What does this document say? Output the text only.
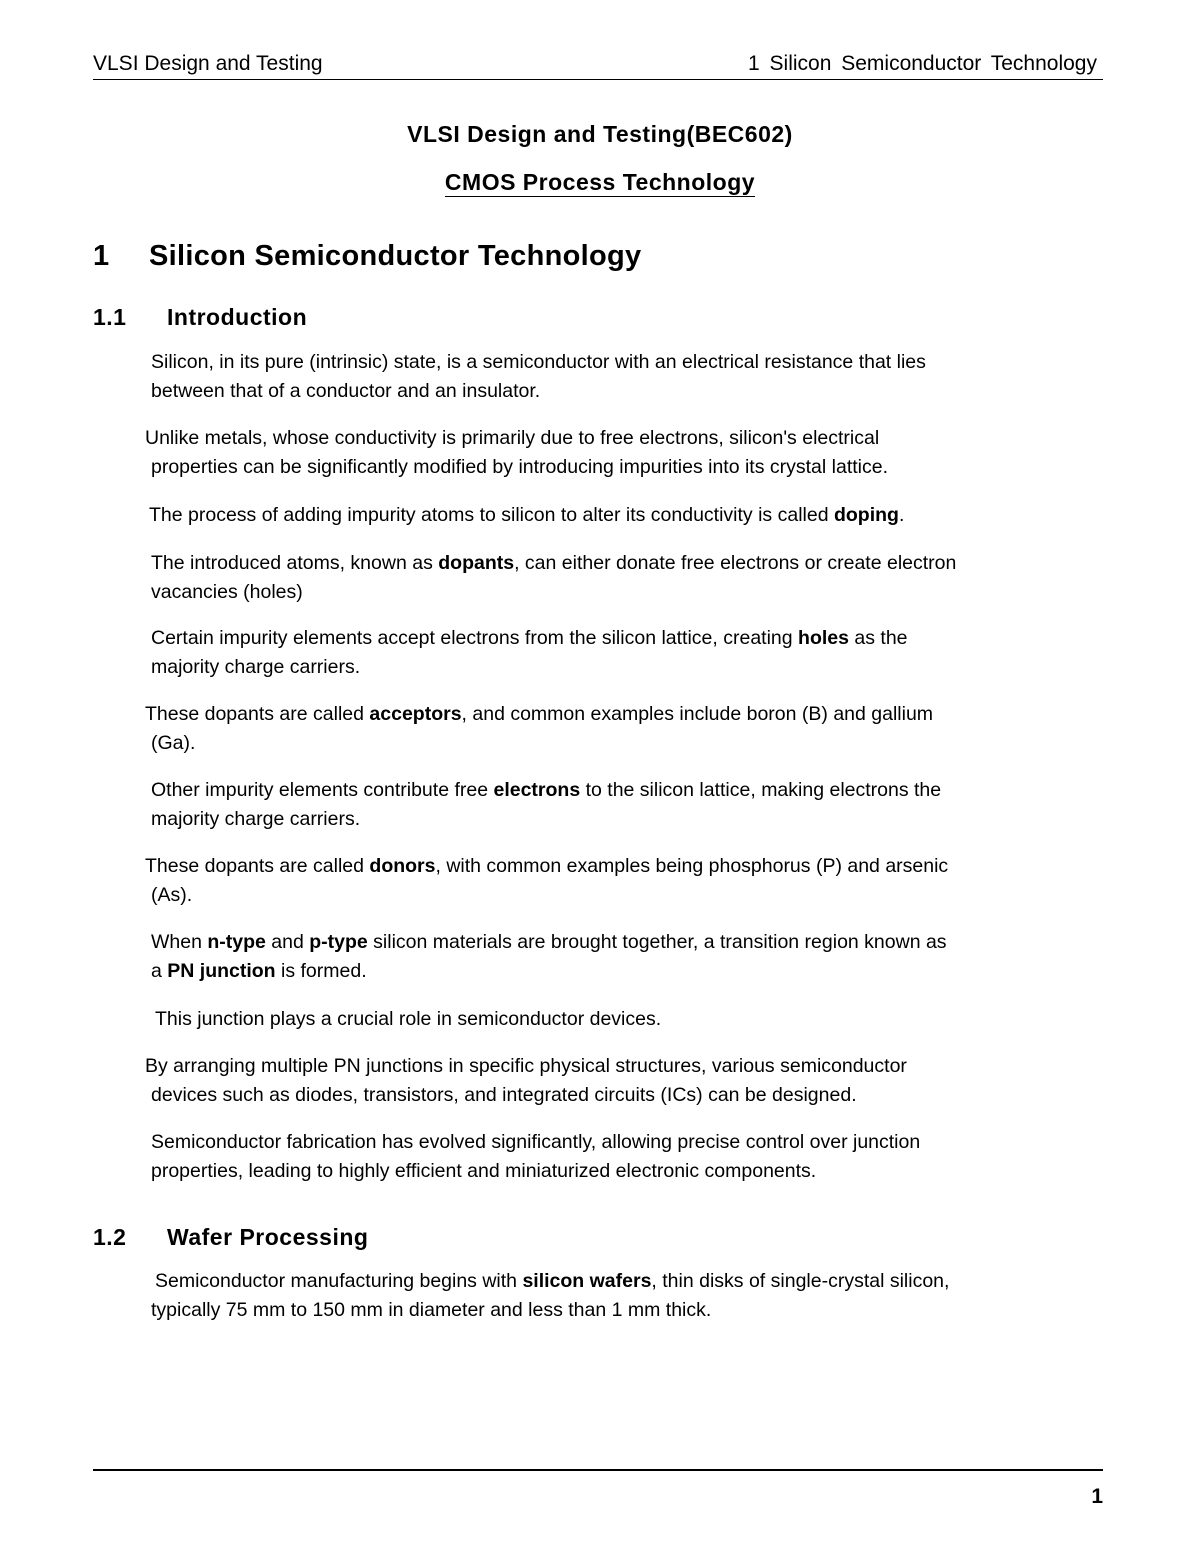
VLSI Design and Testing	1 Silicon Semiconductor Technology
VLSI Design and Testing(BEC602)
CMOS Process Technology
1 Silicon Semiconductor Technology
1.1 Introduction

Silicon, in its pure (intrinsic) state, is a semiconductor with an electrical resistance that lies
between that of a conductor and an insulator.

Unlike metals, whose conductivity is primarily due to free electrons, silicon's electrical
properties can be significantly modified by introducing impurities into its crystal lattice.

The process of adding impurity atoms to silicon to alter its conductivity is called doping.

The introduced atoms, known as dopants, can either donate free electrons or create electron
vacancies (holes)

Certain impurity elements accept electrons from the silicon lattice, creating holes as the
majority charge carriers.

These dopants are called acceptors, and common examples include boron (B) and gallium
(Ga).

Other impurity elements contribute free electrons to the silicon lattice, making electrons the
majority charge carriers.

These dopants are called donors, with common examples being phosphorus (P) and arsenic
(As).

When n-type and p-type silicon materials are brought together, a transition region known as
a PN junction is formed.

This junction plays a crucial role in semiconductor devices.

By arranging multiple PN junctions in specific physical structures, various semiconductor
devices such as diodes, transistors, and integrated circuits (ICs) can be designed.

Semiconductor fabrication has evolved significantly, allowing precise control over junction
properties, leading to highly efficient and miniaturized electronic components.

1.2 Wafer Processing

Semiconductor manufacturing begins with silicon wafers, thin disks of single-crystal silicon,
typically 75 mm to 150 mm in diameter and less than 1 mm thick.

1
